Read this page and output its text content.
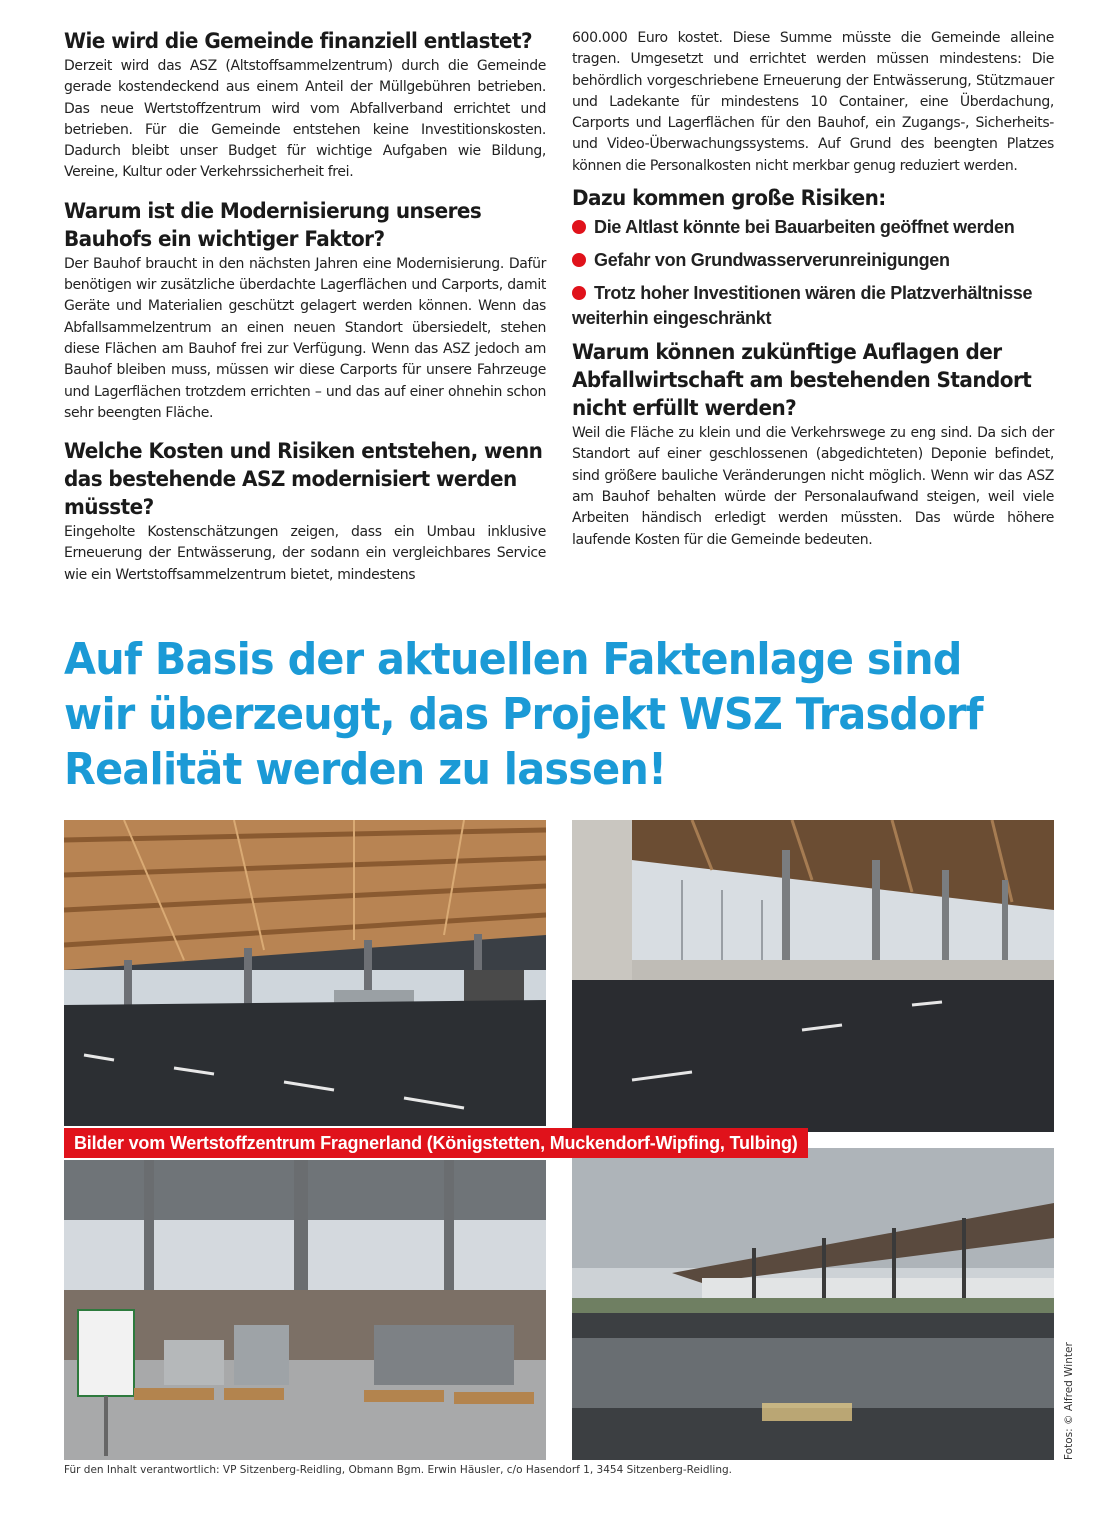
Wie wird die Gemeinde finanziell entlastet?

Derzeit wird das ASZ (Altstoffsammelzentrum) durch die Gemeinde gerade kostendeckend aus einem Anteil der Müllgebühren betrieben. Das neue Wertstoffzentrum wird vom Abfallverband errichtet und betrieben. Für die Gemeinde entstehen keine Investitionskosten. Dadurch bleibt unser Budget für wichtige Aufgaben wie Bildung, Vereine, Kultur oder Verkehrssicherheit frei.

Warum ist die Modernisierung unseres Bauhofs ein wichtiger Faktor?

Der Bauhof braucht in den nächsten Jahren eine Modernisierung. Dafür benötigen wir zusätzliche überdachte Lagerflächen und Carports, damit Geräte und Materialien geschützt gelagert werden können. Wenn das Abfallsammelzentrum an einen neuen Standort übersiedelt, stehen diese Flächen am Bauhof frei zur Verfügung. Wenn das ASZ jedoch am Bauhof bleiben muss, müssen wir diese Carports für unsere Fahrzeuge und Lagerflächen trotzdem errichten – und das auf einer ohnehin schon sehr beengten Fläche.

Welche Kosten und Risiken entstehen, wenn das bestehende ASZ modernisiert werden müsste?

Eingeholte Kostenschätzungen zeigen, dass ein Umbau inklusive Erneuerung der Entwässerung, der sodann ein vergleichbares Service wie ein Wertstoffsammelzentrum bietet, mindestens

600.000 Euro kostet. Diese Summe müsste die Gemeinde alleine tragen. Umgesetzt und errichtet werden müssen mindestens: Die behördlich vorgeschriebene Erneuerung der Entwässerung, Stützmauer und Ladekante für mindestens 10 Container, eine Überdachung, Carports und Lagerflächen für den Bauhof, ein Zugangs-, Sicherheits- und Video-Überwachungssystems. Auf Grund des beengten Platzes können die Personalkosten nicht merkbar genug reduziert werden.

Dazu kommen große Risiken:
Die Altlast könnte bei Bauarbeiten geöffnet werden
Gefahr von Grundwasserverunreinigungen
Trotz hoher Investitionen wären die Platzverhältnisse weiterhin eingeschränkt
Warum können zukünftige Auflagen der Abfallwirtschaft am bestehenden Standort nicht erfüllt werden?

Weil die Fläche zu klein und die Verkehrswege zu eng sind. Da sich der Standort auf einer geschlossenen (abgedichteten) Deponie befindet, sind größere bauliche Veränderungen nicht möglich. Wenn wir das ASZ am Bauhof behalten würde der Personalaufwand steigen, weil viele Arbeiten händisch erledigt werden müssten. Das würde höhere laufende Kosten für die Gemeinde bedeuten.

Auf Basis der aktuellen Faktenlage sind wir überzeugt, das Projekt WSZ Trasdorf Realität werden zu lassen!
Bilder vom Wertstoffzentrum Fragnerland (Königstetten, Muckendorf-Wipfing, Tulbing)
Fotos: © Alfred Winter
Für den Inhalt verantwortlich: VP Sitzenberg-Reidling, Obmann Bgm. Erwin Häusler, c/o Hasendorf 1, 3454 Sitzenberg-Reidling.
